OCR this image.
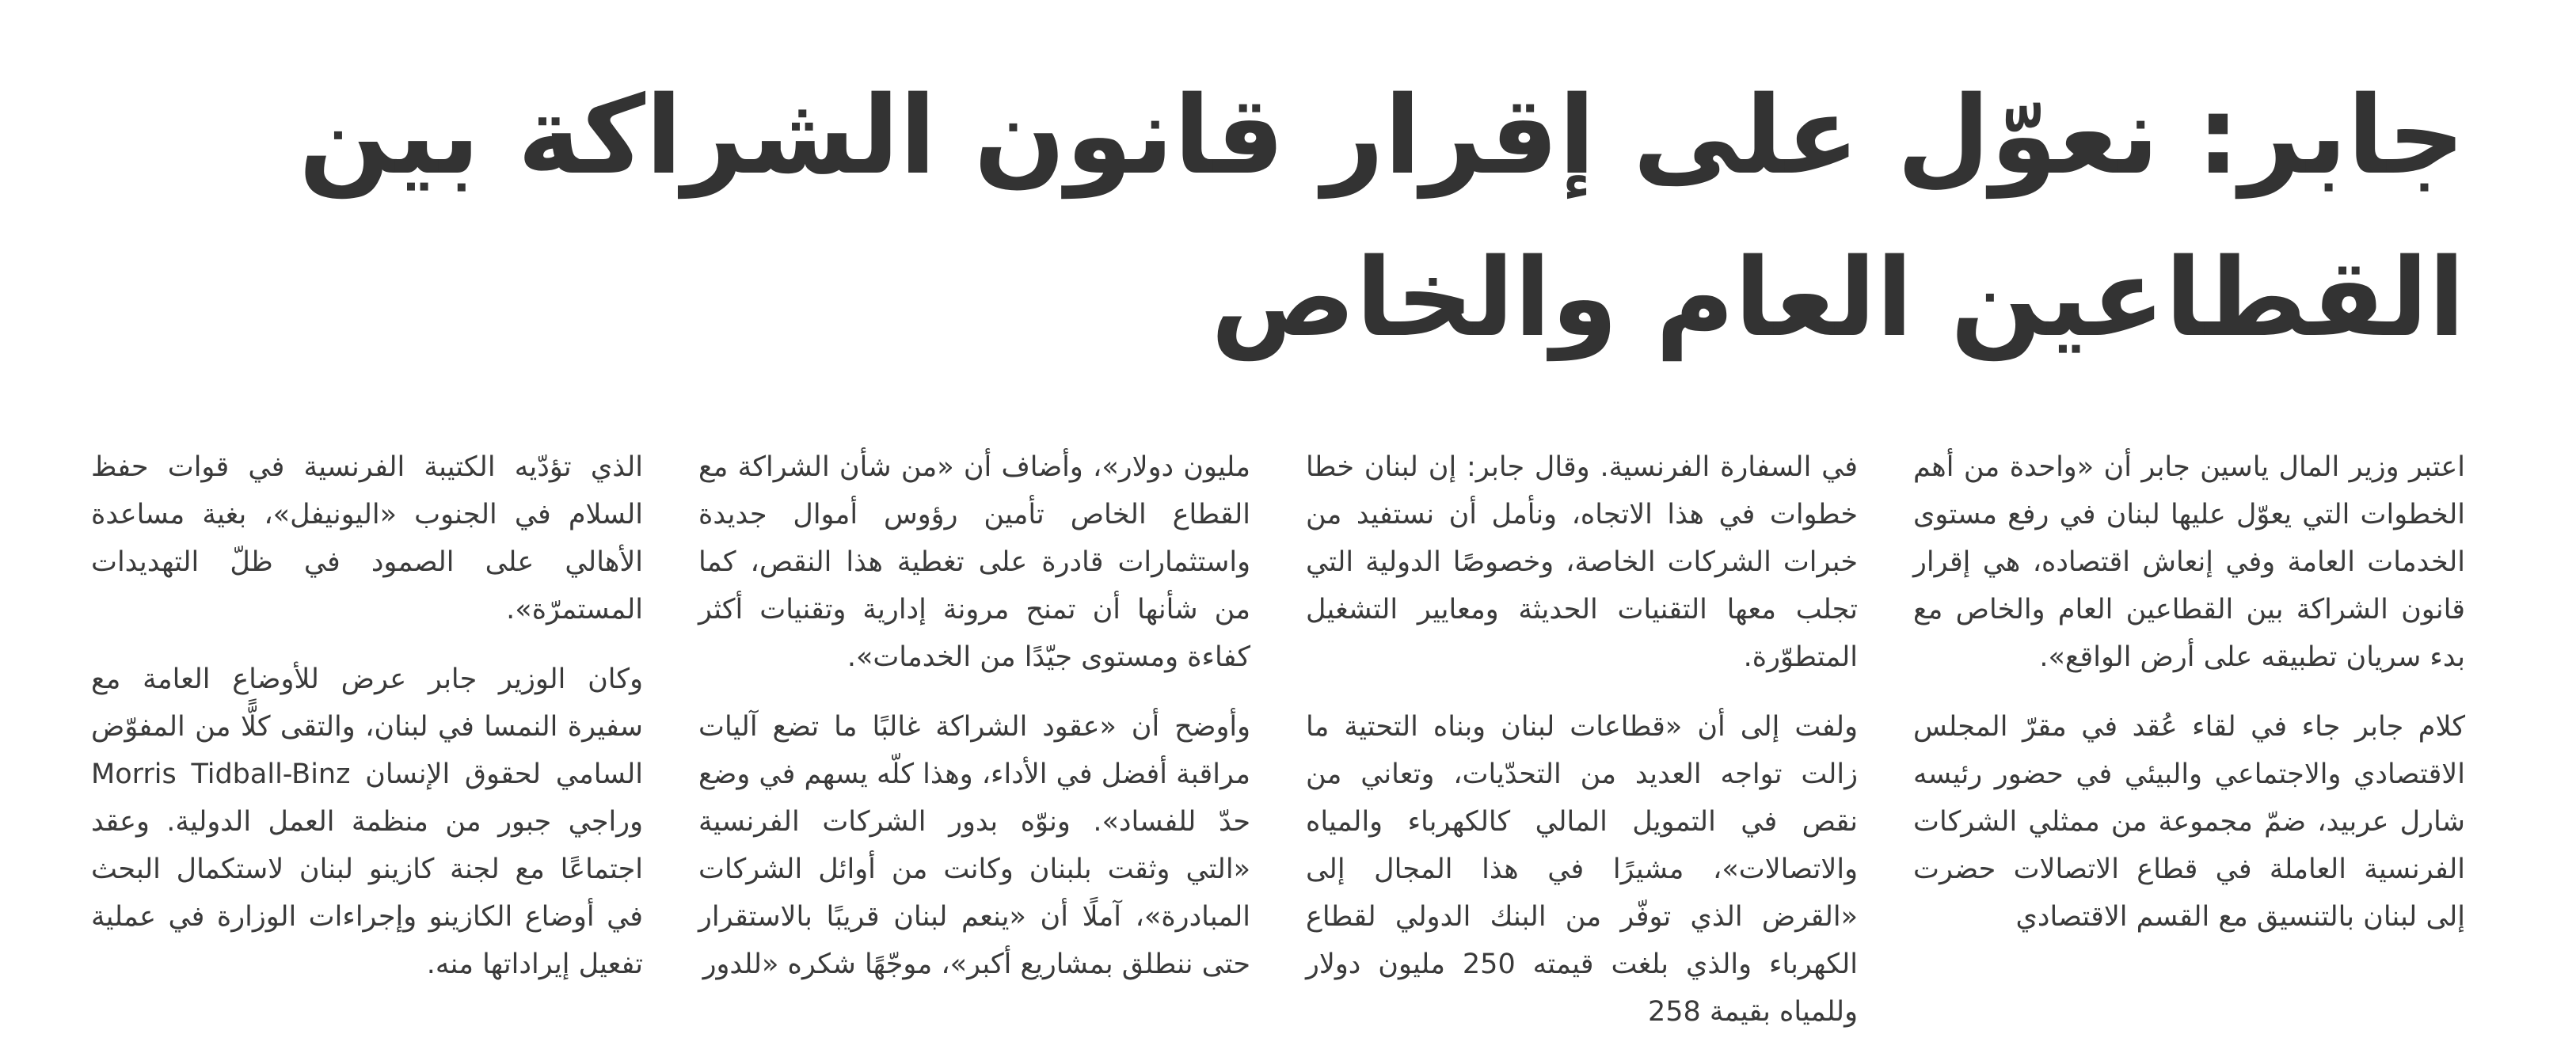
جابر: نعوّل على إقرار قانون الشراكة بين
القطاعين العام والخاص

اعتبر وزير المال ياسين جابر أن «واحدة من أهم الخطوات التي يعوّل عليها لبنان في رفع مستوى الخدمات العامة وفي إنعاش اقتصاده، هي إقرار قانون الشراكة بين القطاعين العام والخاص مع بدء سريان تطبيقه على أرض الواقع».

كلام جابر جاء في لقاء عُقد في مقرّ المجلس الاقتصادي والاجتماعي والبيئي في حضور رئيسه شارل عربيد، ضمّ مجموعة من ممثلي الشركات الفرنسية العاملة في قطاع الاتصالات حضرت إلى لبنان بالتنسيق مع القسم الاقتصادي

في السفارة الفرنسية. وقال جابر: إن لبنان خطا خطوات في هذا الاتجاه، ونأمل أن نستفيد من خبرات الشركات الخاصة، وخصوصًا الدولية التي تجلب معها التقنيات الحديثة ومعايير التشغيل المتطوّرة.

ولفت إلى أن «قطاعات لبنان وبناه التحتية ما زالت تواجه العديد من التحدّيات، وتعاني من نقص في التمويل المالي كالكهرباء والمياه والاتصالات»، مشيرًا في هذا المجال إلى «القرض الذي توفّر من البنك الدولي لقطاع الكهرباء والذي بلغت قيمته 250 مليون دولار وللمياه بقيمة 258

مليون دولار»، وأضاف أن «من شأن الشراكة مع القطاع الخاص تأمين رؤوس أموال جديدة واستثمارات قادرة على تغطية هذا النقص، كما من شأنها أن تمنح مرونة إدارية وتقنيات أكثر كفاءة ومستوى جيّدًا من الخدمات».

وأوضح أن «عقود الشراكة غالبًا ما تضع آليات مراقبة أفضل في الأداء، وهذا كلّه يسهم في وضع حدّ للفساد». ونوّه بدور الشركات الفرنسية «التي وثقت بلبنان وكانت من أوائل الشركات المبادرة»، آملًا أن «ينعم لبنان قريبًا بالاستقرار حتى ننطلق بمشاريع أكبر»، موجّهًا شكره «للدور

الذي تؤدّيه الكتيبة الفرنسية في قوات حفظ السلام في الجنوب «اليونيفل»، بغية مساعدة الأهالي على الصمود في ظلّ التهديدات المستمرّة».

وكان الوزير جابر عرض للأوضاع العامة مع سفيرة النمسا في لبنان، والتقى كلًّا من المفوّض السامي لحقوق الإنسان Morris Tidball-Binz وراجي جبور من منظمة العمل الدولية. وعقد اجتماعًا مع لجنة كازينو لبنان لاستكمال البحث في أوضاع الكازينو وإجراءات الوزارة في عملية تفعيل إيراداتها منه.
